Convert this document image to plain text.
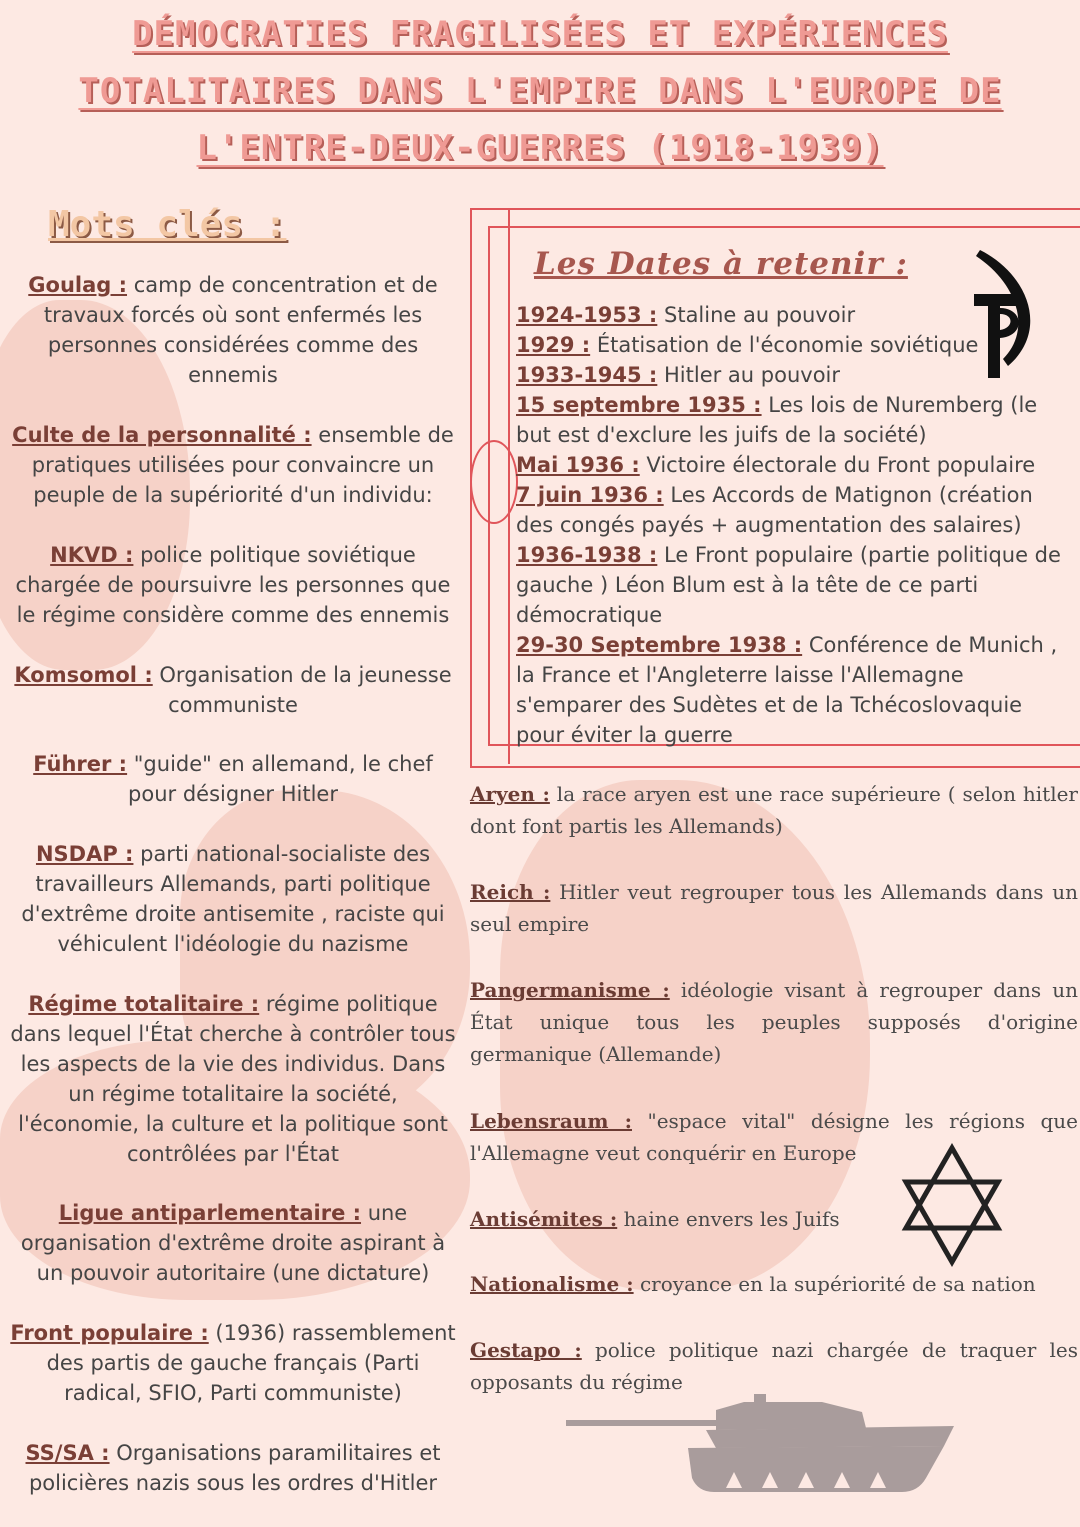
DÉMOCRATIES FRAGILISÉES ET EXPÉRIENCES
TOTALITAIRES DANS L'EMPIRE DANS L'EUROPE DE
L'ENTRE-DEUX-GUERRES (1918-1939)
Mots clés :
Goulag : camp de concentration et de travaux forcés où sont enfermés les personnes considérées comme des ennemis
Culte de la personnalité : ensemble de pratiques utilisées pour convaincre un peuple de la supériorité d'un individu:
NKVD : police politique soviétique chargée de poursuivre les personnes que le régime considère comme des ennemis
Komsomol : Organisation de la jeunesse communiste
Führer : "guide" en allemand, le chef pour désigner Hitler
NSDAP : parti national-socialiste des travailleurs Allemands, parti politique d'extrême droite antisemite , raciste qui véhiculent l'idéologie du nazisme
Régime totalitaire : régime politique dans lequel l'État cherche à contrôler tous les aspects de la vie des individus. Dans un régime totalitaire la société, l'économie, la culture et la politique sont contrôlées par l'État
Ligue antiparlementaire : une organisation d'extrême droite aspirant à un pouvoir autoritaire (une dictature)
Front populaire : (1936) rassemblement des partis de gauche français (Parti radical, SFIO, Parti communiste)
SS/SA : Organisations paramilitaires et policières nazis sous les ordres d'Hitler
Les Dates à retenir :
1924-1953 : Staline au pouvoir
1929 : Étatisation de l'économie soviétique
1933-1945 : Hitler au pouvoir
15 septembre 1935 : Les lois de Nuremberg (le but est d'exclure les juifs de la société)
Mai 1936 : Victoire électorale du Front populaire
7 juin 1936 : Les Accords de Matignon (création des congés payés + augmentation des salaires)
1936-1938 : Le Front populaire (partie politique de gauche ) Léon Blum est à la tête de ce parti démocratique
29-30 Septembre 1938 : Conférence de Munich , la France et l'Angleterre laisse l'Allemagne s'emparer des Sudètes et de la Tchécoslovaquie pour éviter la guerre
Aryen : la race aryen est une race supérieure ( selon hitler dont font partis les Allemands)
Reich : Hitler veut regrouper tous les Allemands dans un seul empire
Pangermanisme : idéologie visant à regrouper dans un État unique tous les peuples supposés d'origine germanique (Allemande)
Lebensraum : "espace vital" désigne les régions que l'Allemagne veut conquérir en Europe
Antisémites : haine envers les Juifs
Nationalisme : croyance en la supériorité de sa nation
Gestapo : police politique nazi chargée de traquer les opposants du régime
